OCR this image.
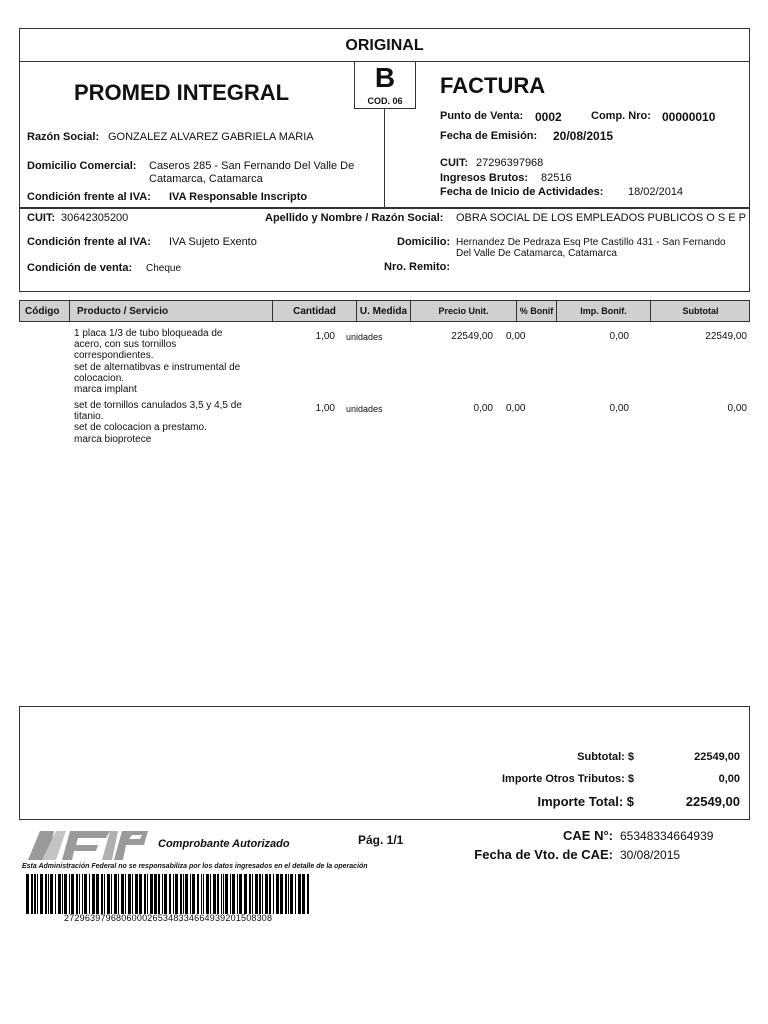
ORIGINAL
PROMED INTEGRAL	B
COD. 06
FACTURA
Punto de Venta: 0002	Comp. Nro: 00000010
Fecha de Emisión: 20/08/2015
Razón Social: GONZALEZ ALVAREZ GABRIELA MARIA
Domicilio Comercial: Caseros 285 - San Fernando Del Valle De
Catamarca, Catamarca
Condición frente al IVA: IVA Responsable Inscripto
CUIT: 27296397968
Ingresos Brutos: 82516
Fecha de Inicio de Actividades: 18/02/2014
CUIT: 30642305200	Apellido y Nombre / Razón Social: OBRA SOCIAL DE LOS EMPLEADOS PUBLICOS O S E P
Condición frente al IVA: IVA Sujeto Exento	Domicilio: Hernandez De Pedraza Esq Pte Castillo 431 - San Fernando
Del Valle De Catamarca, Catamarca
Condición de venta: Cheque	Nro. Remito:
Código Producto / Servicio	Cantidad U. Medida	Precio Unit.	% Bonif	Imp. Bonif.	Subtotal
1 placa 1/3 de tubo bloqueada de
acero, con sus tornillos
correspondientes.
set de alternatibvas e instrumental de
colocacion.
marca implant
1,00 unidades	22549,00 0,00	0,00	22549,00
set de tornillos canulados 3,5 y 4,5 de
titanio.
set de colocacion a prestamo.
marca bioprotece
1,00 unidades	0,00 0,00	0,00	0,00
Subtotal: $	22549,00
Importe Otros Tributos: $	0,00
Importe Total: $	22549,00
Comprobante Autorizado	Pág. 1/1	CAE N°: 65348334664939
Fecha de Vto. de CAE: 30/08/2015
Esta Administración Federal no se responsabiliza por los datos ingresados en el detalle de la operación
27296397968060002653483346649392015083​08
